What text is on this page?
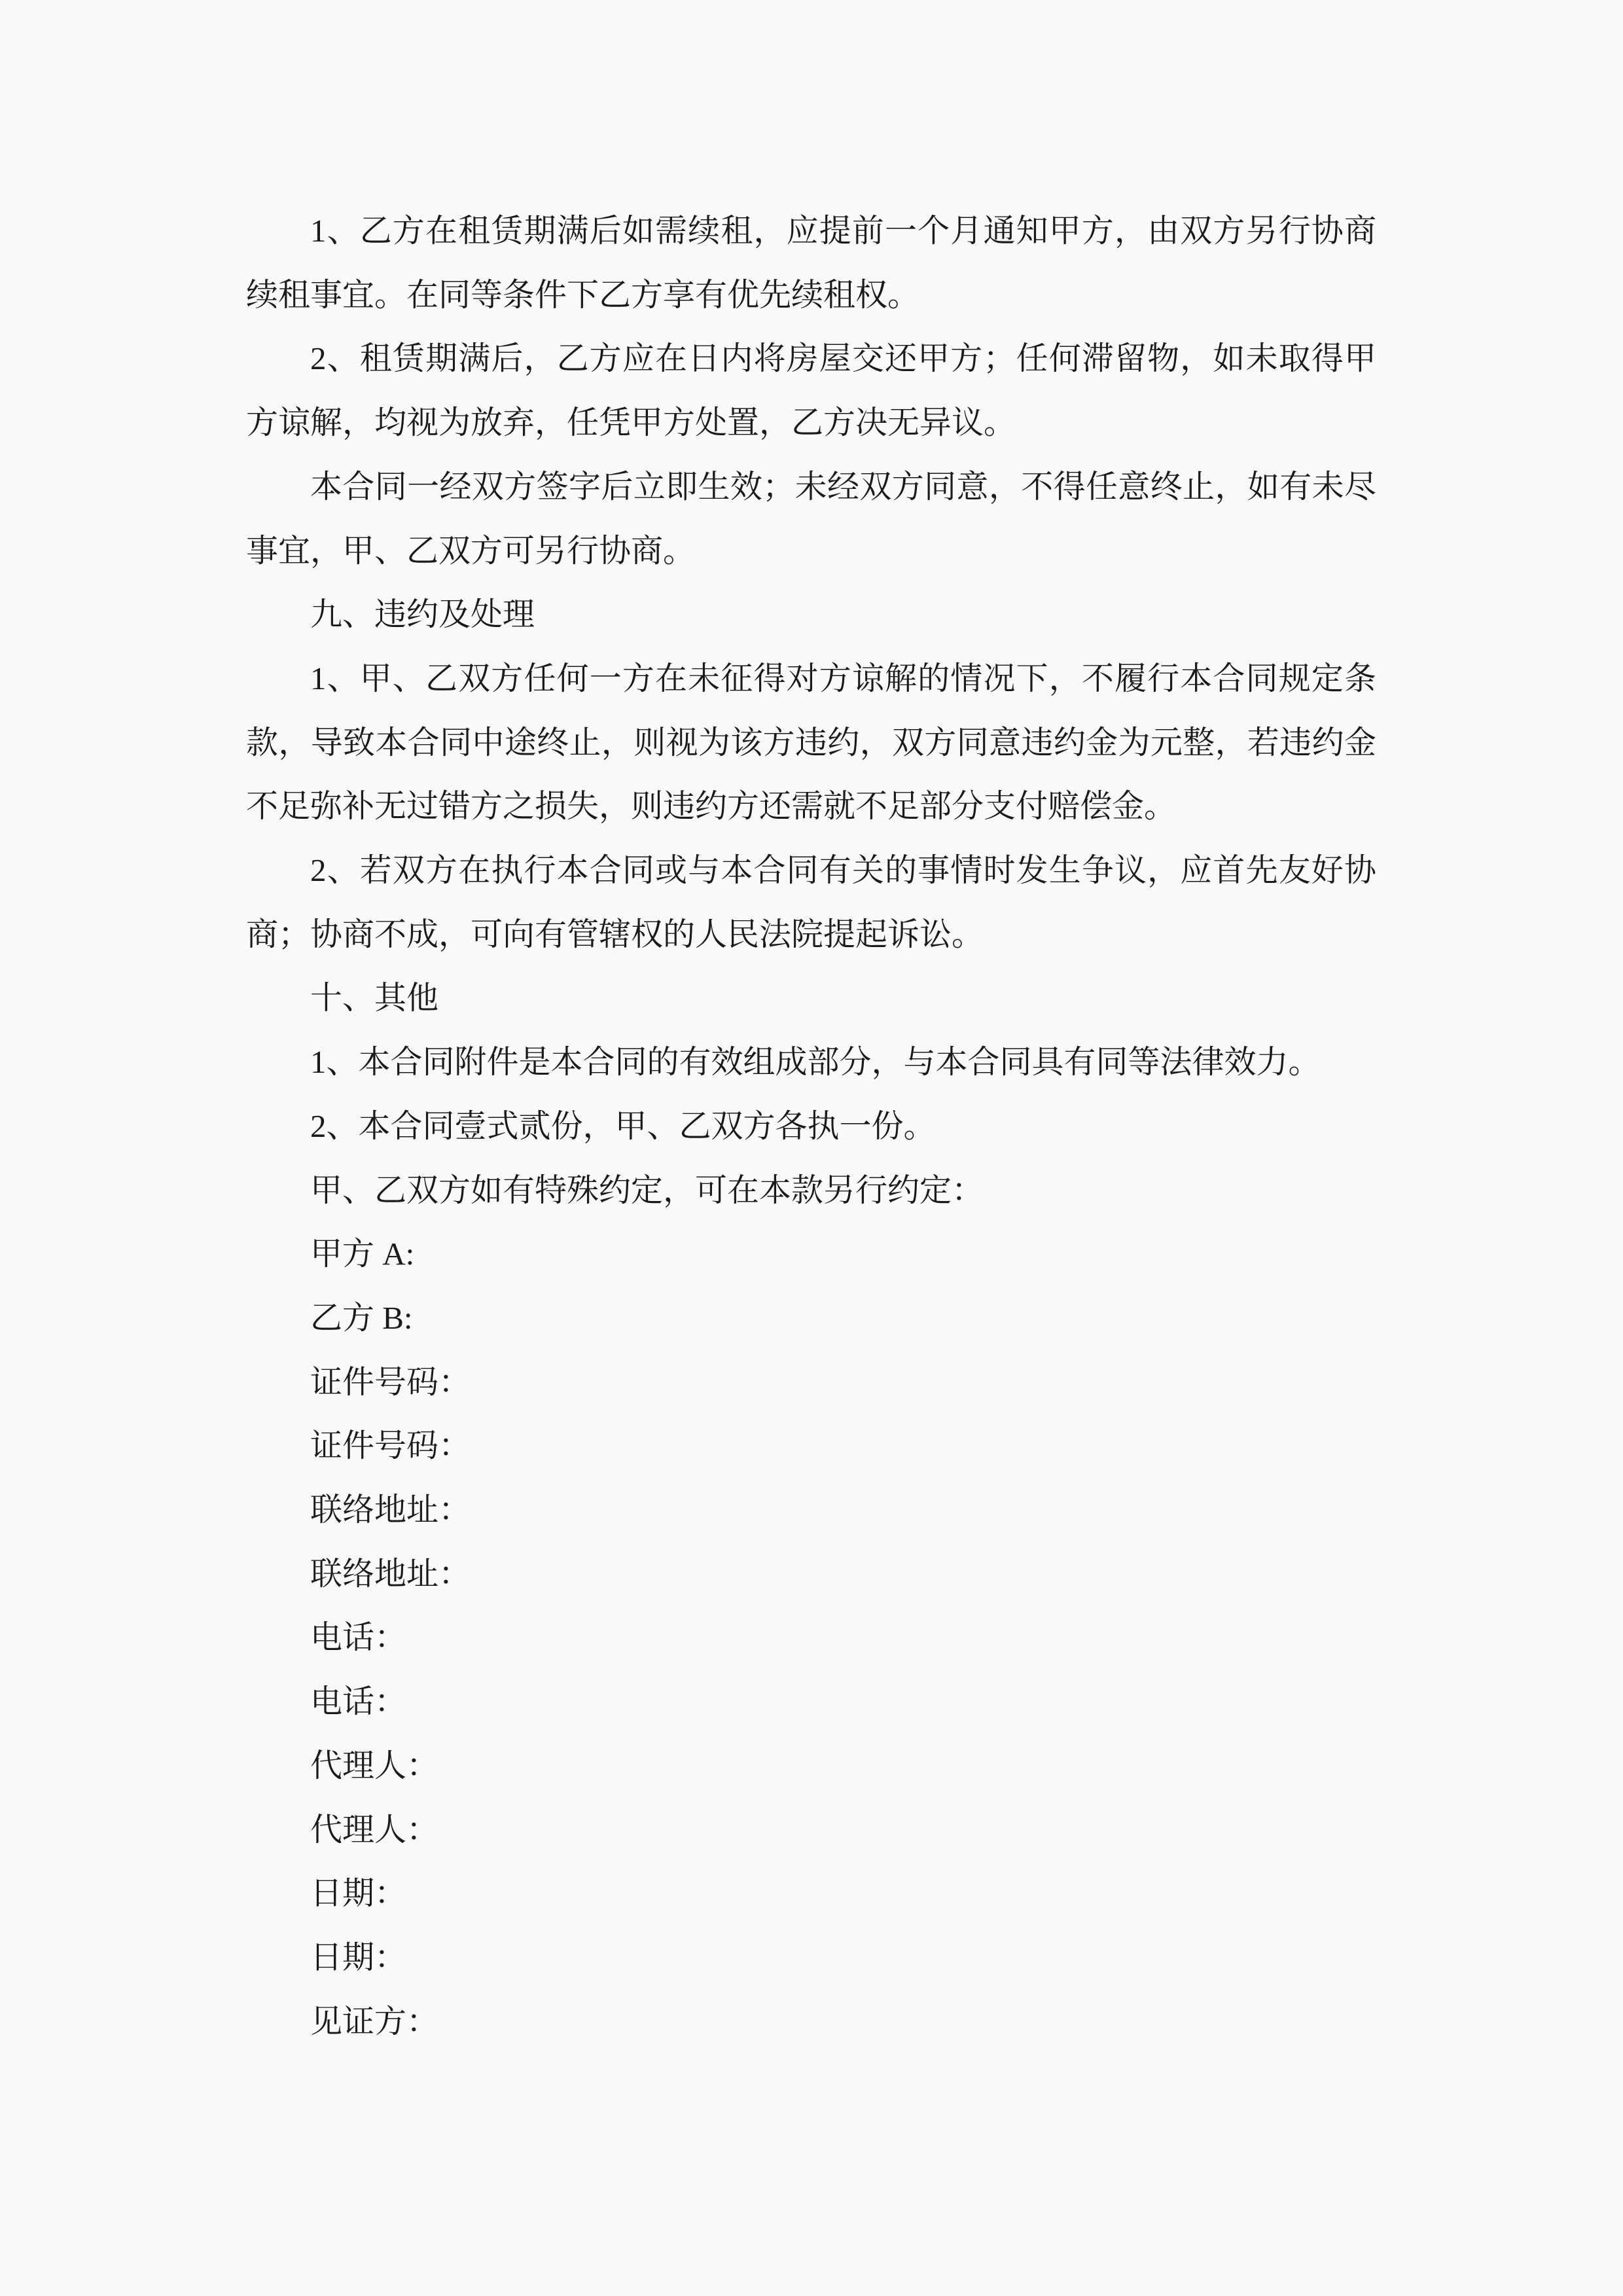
1、乙方在租赁期满后如需续租，应提前一个月通知甲方，由双方另行协商
续租事宜。在同等条件下乙方享有优先续租权。
2、租赁期满后，乙方应在日内将房屋交还甲方；任何滞留物，如未取得甲
方谅解，均视为放弃，任凭甲方处置，乙方决无异议。
本合同一经双方签字后立即生效；未经双方同意，不得任意终止，如有未尽
事宜，甲、乙双方可另行协商。
九、违约及处理
1、甲、乙双方任何一方在未征得对方谅解的情况下，不履行本合同规定条
款，导致本合同中途终止，则视为该方违约，双方同意违约金为元整，若违约金
不足弥补无过错方之损失，则违约方还需就不足部分支付赔偿金。
2、若双方在执行本合同或与本合同有关的事情时发生争议，应首先友好协
商；协商不成，可向有管辖权的人民法院提起诉讼。
十、其他
1、本合同附件是本合同的有效组成部分，与本合同具有同等法律效力。
2、本合同壹式贰份，甲、乙双方各执一份。
甲、乙双方如有特殊约定，可在本款另行约定：
甲方 A:
乙方 B:
证件号码：
证件号码：
联络地址：
联络地址：
电话：
电话：
代理人：
代理人：
日期：
日期：
见证方：
